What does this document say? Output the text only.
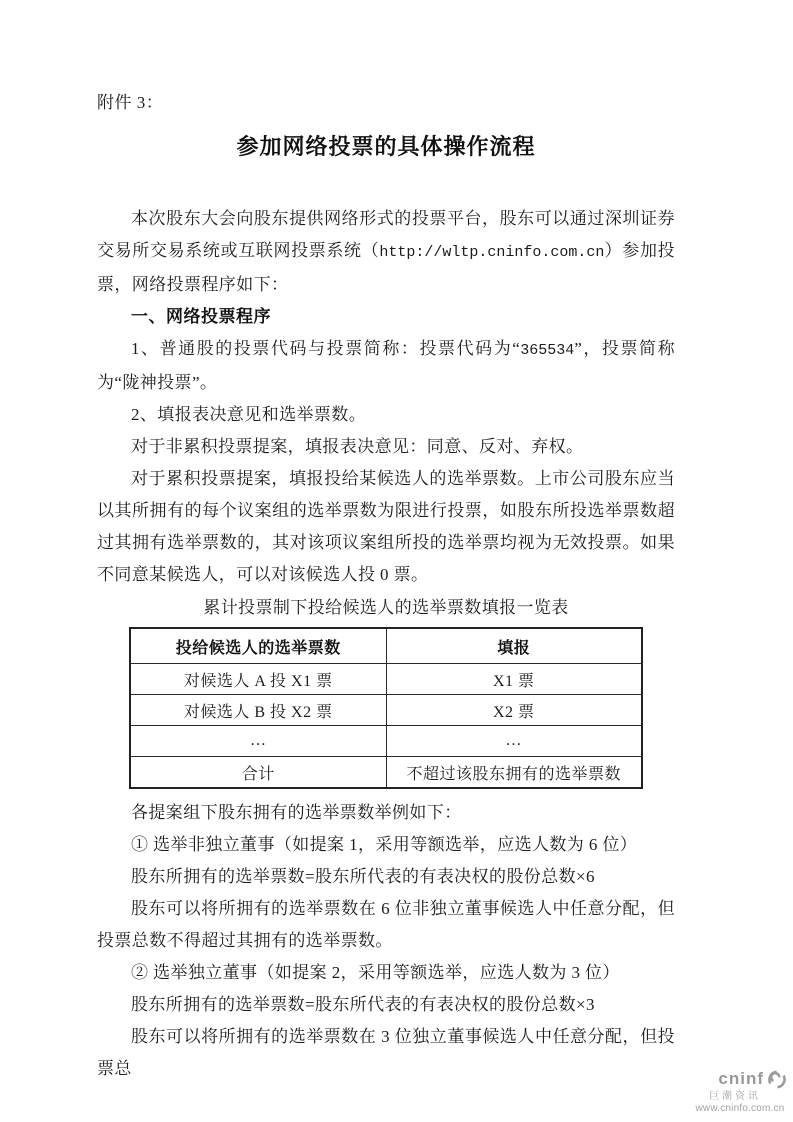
附件 3：
参加网络投票的具体操作流程

本次股东大会向股东提供网络形式的投票平台，股东可以通过深圳证券交易所交易系统或互联网投票系统（http://wltp.cninfo.com.cn）参加投票，网络投票程序如下：

一、网络投票程序

1、普通股的投票代码与投票简称：投票代码为“365534”，投票简称为“陇神投票”。

2、填报表决意见和选举票数。

对于非累积投票提案，填报表决意见：同意、反对、弃权。

对于累积投票提案，填报投给某候选人的选举票数。上市公司股东应当以其所拥有的每个议案组的选举票数为限进行投票，如股东所投选举票数超过其拥有选举票数的，其对该项议案组所投的选举票均视为无效投票。如果不同意某候选人，可以对该候选人投 0 票。

累计投票制下投给候选人的选举票数填报一览表
投给候选人的选举票数	填报
对候选人 A 投 X1 票	X1 票
对候选人 B 投 X2 票	X2 票
…	…
合计	不超过该股东拥有的选举票数

各提案组下股东拥有的选举票数举例如下：

① 选举非独立董事（如提案 1，采用等额选举，应选人数为 6 位）

股东所拥有的选举票数=股东所代表的有表决权的股份总数×6

股东可以将所拥有的选举票数在 6 位非独立董事候选人中任意分配，但投票总数不得超过其拥有的选举票数。

② 选举独立董事（如提案 2，采用等额选举，应选人数为 3 位）

股东所拥有的选举票数=股东所代表的有表决权的股份总数×3

股东可以将所拥有的选举票数在 3 位独立董事候选人中任意分配，但投票总

cninf
巨潮资讯
www.cninfo.com.cn
